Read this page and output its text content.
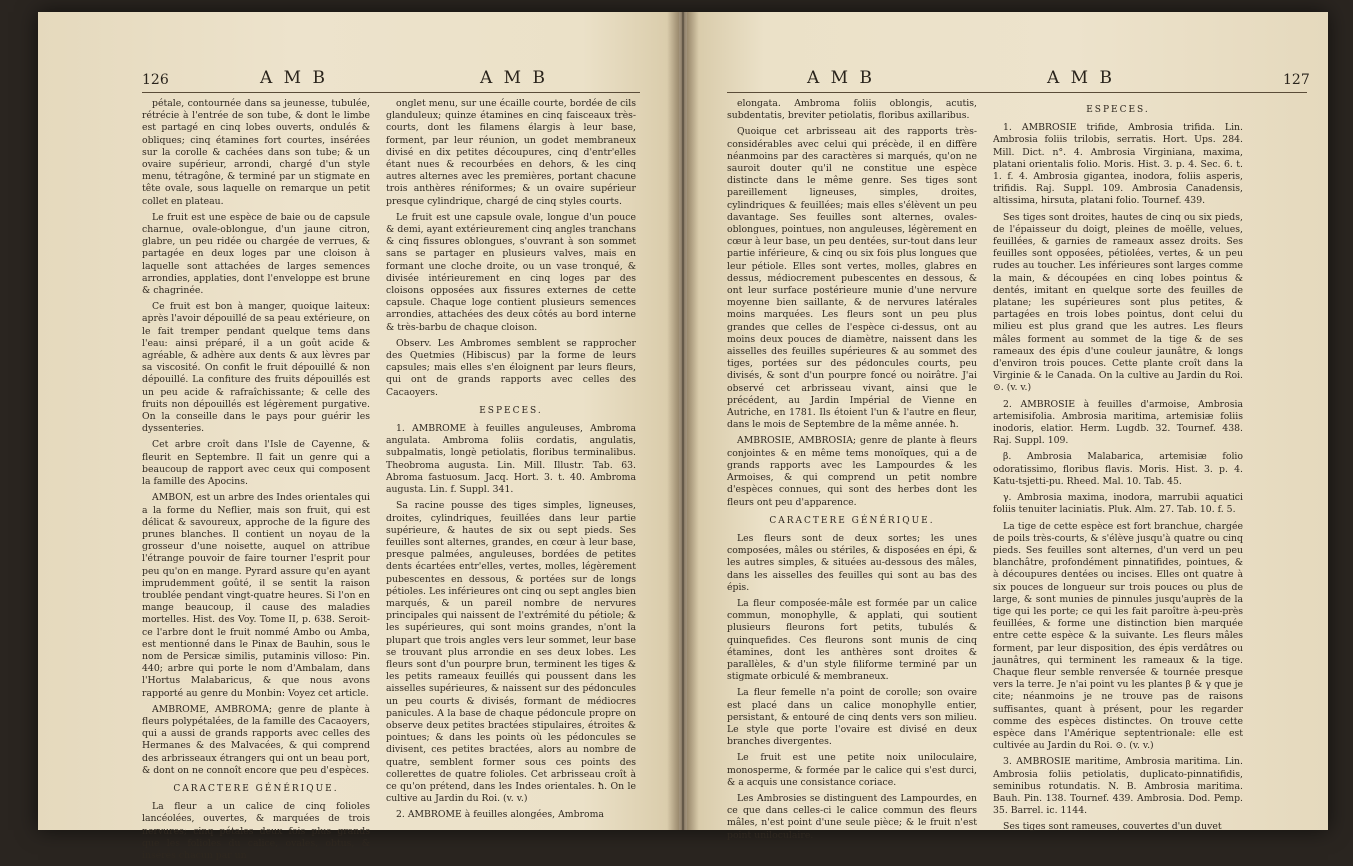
126	A M B	A M B

pétale, contournée dans sa jeunesse, tubulée, rétrécie à l'entrée de son tube, & dont le limbe est partagé en cinq lobes ouverts, ondulés & obliques; cinq étamines fort courtes, insérées sur la corolle & cachées dans son tube; & un ovaire supérieur, arrondi, chargé d'un style menu, tétragône, & terminé par un stigmate en tête ovale, sous laquelle on remarque un petit collet en plateau.

Le fruit est une espèce de baie ou de capsule charnue, ovale-oblongue, d'un jaune citron, glabre, un peu ridée ou chargée de verrues, & partagée en deux loges par une cloison à laquelle sont attachées de larges semences arrondies, applaties, dont l'enveloppe est brune & chagrinée.

Ce fruit est bon à manger, quoique laiteux: après l'avoir dépouillé de sa peau extérieure, on le fait tremper pendant quelque tems dans l'eau: ainsi préparé, il a un goût acide & agréable, & adhère aux dents & aux lèvres par sa viscosité. On confit le fruit dépouillé & non dépouillé. La confiture des fruits dépouillés est un peu acide & rafraîchissante; & celle des fruits non dépouillés est légèrement purgative. On la conseille dans le pays pour guérir les dyssenteries.

Cet arbre croît dans l'Isle de Cayenne, & fleurit en Septembre. Il fait un genre qui a beaucoup de rapport avec ceux qui composent la famille des Apocins.

AMBON, est un arbre des Indes orientales qui a la forme du Neflier, mais son fruit, qui est délicat & savoureux, approche de la figure des prunes blanches. Il contient un noyau de la grosseur d'une noisette, auquel on attribue l'étrange pouvoir de faire tourner l'esprit pour peu qu'on en mange. Pyrard assure qu'en ayant imprudemment goûté, il se sentit la raison troublée pendant vingt-quatre heures. Si l'on en mange beaucoup, il cause des maladies mortelles. Hist. des Voy. Tome II, p. 638. Seroit-ce l'arbre dont le fruit nommé Ambo ou Amba, est mentionné dans le Pinax de Bauhin, sous le nom de Persicæ similis, putaminis villoso: Pin. 440; arbre qui porte le nom d'Ambalam, dans l'Hortus Malabaricus, & que nous avons rapporté au genre du Monbin: Voyez cet article.

AMBROME, AMBROMA; genre de plante à fleurs polypétalées, de la famille des Cacaoyers, qui a aussi de grands rapports avec celles des Hermanes & des Malvacées, & qui comprend des arbrisseaux étrangers qui ont un beau port, & dont on ne connoît encore que peu d'espèces.

CARACTERE GÉNÉRIQUE.

La fleur a un calice de cinq folioles lancéolées, ouvertes, & marquées de trois nervures; cinq pétales deux fois plus grands que les folioles du calice, ovales, obtus, & insérés chacun par un

onglet menu, sur une écaille courte, bordée de cils glanduleux; quinze étamines en cinq faisceaux très-courts, dont les filamens élargis à leur base, forment, par leur réunion, un godet membraneux divisé en dix petites découpures, cinq d'entr'elles étant nues & recourbées en dehors, & les cinq autres alternes avec les premières, portant chacune trois anthères réniformes; & un ovaire supérieur presque cylindrique, chargé de cinq styles courts.

Le fruit est une capsule ovale, longue d'un pouce & demi, ayant extérieurement cinq angles tranchans & cinq fissures oblongues, s'ouvrant à son sommet sans se partager en plusieurs valves, mais en formant une cloche droite, ou un vase tronqué, & divisée intérieurement en cinq loges par des cloisons opposées aux fissures externes de cette capsule. Chaque loge contient plusieurs semences arrondies, attachées des deux côtés au bord interne & très-barbu de chaque cloison.

Observ. Les Ambromes semblent se rapprocher des Quetmies (Hibiscus) par la forme de leurs capsules; mais elles s'en éloignent par leurs fleurs, qui ont de grands rapports avec celles des Cacaoyers.

ESPECES.

1. AMBROME à feuilles anguleuses, Ambroma angulata. Ambroma foliis cordatis, angulatis, subpalmatis, longè petiolatis, floribus terminalibus. Theobroma augusta. Lin. Mill. Illustr. Tab. 63. Abroma fastuosum. Jacq. Hort. 3. t. 40. Ambroma augusta. Lin. f. Suppl. 341.

Sa racine pousse des tiges simples, ligneuses, droites, cylindriques, feuillées dans leur partie supérieure, & hautes de six ou sept pieds. Ses feuilles sont alternes, grandes, en cœur à leur base, presque palmées, anguleuses, bordées de petites dents écartées entr'elles, vertes, molles, légèrement pubescentes en dessous, & portées sur de longs pétioles. Les inférieures ont cinq ou sept angles bien marqués, & un pareil nombre de nervures principales qui naissent de l'extrémité du pétiole; & les supérieures, qui sont moins grandes, n'ont la plupart que trois angles vers leur sommet, leur base se trouvant plus arrondie en ses deux lobes. Les fleurs sont d'un pourpre brun, terminent les tiges & les petits rameaux feuillés qui poussent dans les aisselles supérieures, & naissent sur des pédoncules un peu courts & divisés, formant de médiocres panicules. A la base de chaque pédoncule propre on observe deux petites bractées stipulaires, étroites & pointues; & dans les points où les pédoncules se divisent, ces petites bractées, alors au nombre de quatre, semblent former sous ces points des collerettes de quatre folioles. Cet arbrisseau croît à ce qu'on prétend, dans les Indes orientales. ħ. On le cultive au Jardin du Roi. (v. v.)

2. AMBROME à feuilles alongées, Ambroma

A M B	A M B	127

elongata. Ambroma foliis oblongis, acutis, subdentatis, breviter petiolatis, floribus axillaribus.

Quoique cet arbrisseau ait des rapports très-considérables avec celui qui précède, il en diffère néanmoins par des caractères si marqués, qu'on ne sauroit douter qu'il ne constitue une espèce distincte dans le même genre. Ses tiges sont pareillement ligneuses, simples, droites, cylindriques & feuillées; mais elles s'élèvent un peu davantage. Ses feuilles sont alternes, ovales-oblongues, pointues, non anguleuses, légèrement en cœur à leur base, un peu dentées, sur-tout dans leur partie inférieure, & cinq ou six fois plus longues que leur pétiole. Elles sont vertes, molles, glabres en dessus, médiocrement pubescentes en dessous, & ont leur surface postérieure munie d'une nervure moyenne bien saillante, & de nervures latérales moins marquées. Les fleurs sont un peu plus grandes que celles de l'espèce ci-dessus, ont au moins deux pouces de diamètre, naissent dans les aisselles des feuilles supérieures & au sommet des tiges, portées sur des pédoncules courts, peu divisés, & sont d'un pourpre foncé ou noirâtre. J'ai observé cet arbrisseau vivant, ainsi que le précédent, au Jardin Impérial de Vienne en Autriche, en 1781. Ils étoient l'un & l'autre en fleur, dans le mois de Septembre de la même année. ħ.

AMBROSIE, AMBROSIA; genre de plante à fleurs conjointes & en même tems monoïques, qui a de grands rapports avec les Lampourdes & les Armoises, & qui comprend un petit nombre d'espèces connues, qui sont des herbes dont les fleurs ont peu d'apparence.

CARACTERE GÉNÉRIQUE.

Les fleurs sont de deux sortes; les unes composées, mâles ou stériles, & disposées en épi, & les autres simples, & situées au-dessous des mâles, dans les aisselles des feuilles qui sont au bas des épis.

La fleur composée-mâle est formée par un calice commun, monophylle, & applati, qui soutient plusieurs fleurons fort petits, tubulés & quinquefides. Ces fleurons sont munis de cinq étamines, dont les anthères sont droites & parallèles, & d'un style filiforme terminé par un stigmate orbiculé & membraneux.

La fleur femelle n'a point de corolle; son ovaire est placé dans un calice monophylle entier, persistant, & entouré de cinq dents vers son milieu. Le style que porte l'ovaire est divisé en deux branches divergentes.

Le fruit est une petite noix uniloculaire, monosperme, & formée par le calice qui s'est durci, & a acquis une consistance coriace.

Les Ambrosies se distinguent des Lampourdes, en ce que dans celles-ci le calice commun des fleurs mâles, n'est point d'une seule pièce; & le fruit n'est point uniloculaire.

ESPECES.

1. AMBROSIE trifide, Ambrosia trifida. Lin. Ambrosia foliis trilobis, serratis. Hort. Ups. 284. Mill. Dict. n°. 4. Ambrosia Virginiana, maxima, platani orientalis folio. Moris. Hist. 3. p. 4. Sec. 6. t. 1. f. 4. Ambrosia gigantea, inodora, foliis asperis, trifidis. Raj. Suppl. 109. Ambrosia Canadensis, altissima, hirsuta, platani folio. Tournef. 439.

Ses tiges sont droites, hautes de cinq ou six pieds, de l'épaisseur du doigt, pleines de moëlle, velues, feuillées, & garnies de rameaux assez droits. Ses feuilles sont opposées, pétiolées, vertes, & un peu rudes au toucher. Les inférieures sont larges comme la main, & découpées en cinq lobes pointus & dentés, imitant en quelque sorte des feuilles de platane; les supérieures sont plus petites, & partagées en trois lobes pointus, dont celui du milieu est plus grand que les autres. Les fleurs mâles forment au sommet de la tige & de ses rameaux des épis d'une couleur jaunâtre, & longs d'environ trois pouces. Cette plante croît dans la Virginie & le Canada. On la cultive au Jardin du Roi. ⊙. (v. v.)

2. AMBROSIE à feuilles d'armoise, Ambrosia artemisifolia. Ambrosia maritima, artemisiæ foliis inodoris, elatior. Herm. Lugdb. 32. Tournef. 438. Raj. Suppl. 109.

β. Ambrosia Malabarica, artemisiæ folio odoratissimo, floribus flavis. Moris. Hist. 3. p. 4. Katu-tsjetti-pu. Rheed. Mal. 10. Tab. 45.

γ. Ambrosia maxima, inodora, marrubii aquatici foliis tenuiter laciniatis. Pluk. Alm. 27. Tab. 10. f. 5.

La tige de cette espèce est fort branchue, chargée de poils très-courts, & s'élève jusqu'à quatre ou cinq pieds. Ses feuilles sont alternes, d'un verd un peu blanchâtre, profondément pinnatifides, pointues, & à découpures dentées ou incises. Elles ont quatre à six pouces de longueur sur trois pouces ou plus de large, & sont munies de pinnules jusqu'auprès de la tige qui les porte; ce qui les fait paroître à-peu-près feuillées, & forme une distinction bien marquée entre cette espèce & la suivante. Les fleurs mâles forment, par leur disposition, des épis verdâtres ou jaunâtres, qui terminent les rameaux & la tige. Chaque fleur semble renversée & tournée presque vers la terre. Je n'ai point vu les plantes β & γ que je cite; néanmoins je ne trouve pas de raisons suffisantes, quant à présent, pour les regarder comme des espèces distinctes. On trouve cette espèce dans l'Amérique septentrionale: elle est cultivée au Jardin du Roi. ⊙. (v. v.)

3. AMBROSIE maritime, Ambrosia maritima. Lin. Ambrosia foliis petiolatis, duplicato-pinnatifidis, seminibus rotundatis. N. B. Ambrosia maritima. Bauh. Pin. 138. Tournef. 439. Ambrosia. Dod. Pemp. 35. Barrel. ic. 1144.

Ses tiges sont rameuses, couvertes d'un duvet
